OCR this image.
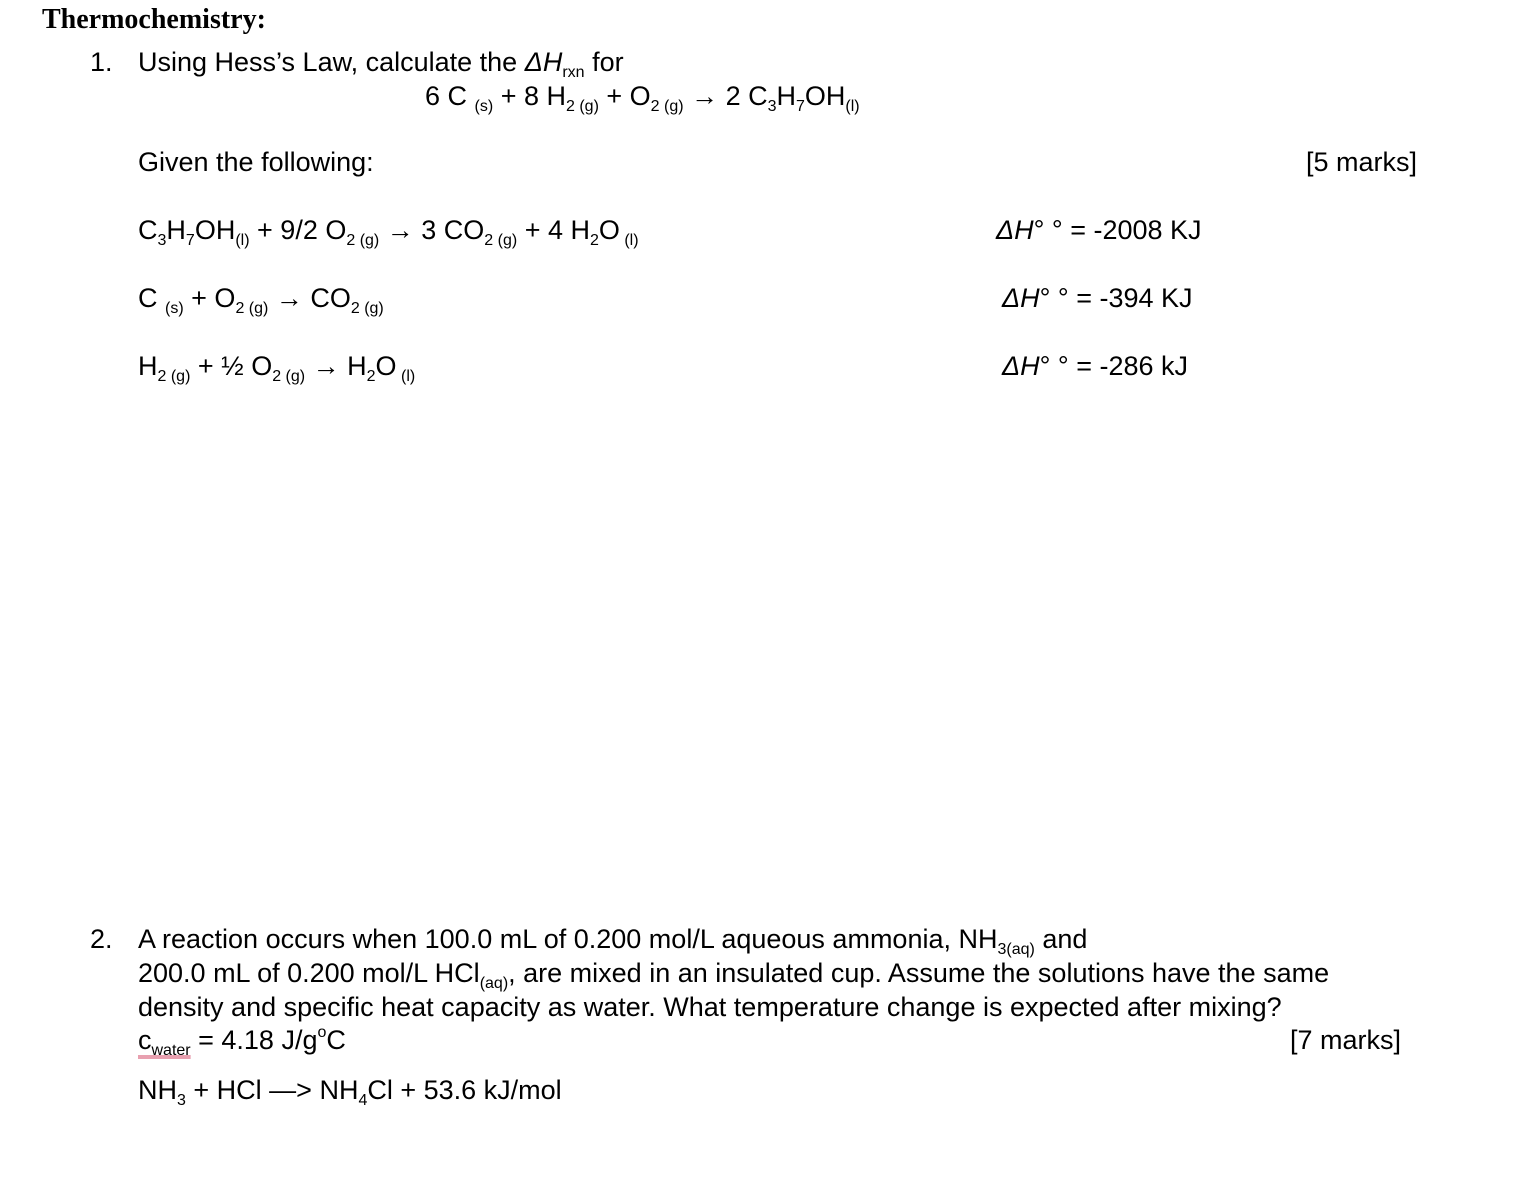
Thermochemistry:
1. Using Hess’s Law, calculate the $\Delta H_{rxn}$ for
6 C $_{(s)}$ + 8 $H_2$ $_{(g)} + O_2$ $_{(g)}$ → 2 $C_3H_7OH_{(l)}$
Given the following:	[5 marks]
$C_3H_7OH_{(l)} + 9/2$ $O_{2 (g)} \to 3$ $CO_2$ $_{(g)}$ + 4 $H_2O$ $_{(l)}$	ΔH° ° = -2008 KJ
C $_{(s)} + O_{2 (g)} \to CO_{2 (g)}$	ΔH° ° = -394 KJ
$H_{2 (g)}$ + ½ $O_{2 (g)} \to H_2O$ $_{(l)}$	ΔH° ° = -286 kJ
2. A reaction occurs when 100.0 mL of 0.200 mol/L aqueous ammonia, $NH_{3(aq)}$ and
200.0 mL of 0.200 mol/L HCl$_{(aq)}$, are mixed in an insulated cup. Assume the solutions have the same
density and specific heat capacity as water. What temperature change is expected after mixing?
$c_{water} = 4.18$ $J/g^oC$	[7 marks]
$NH_3$ + HCl —> $NH_4Cl + 53.6$ kJ/mol
